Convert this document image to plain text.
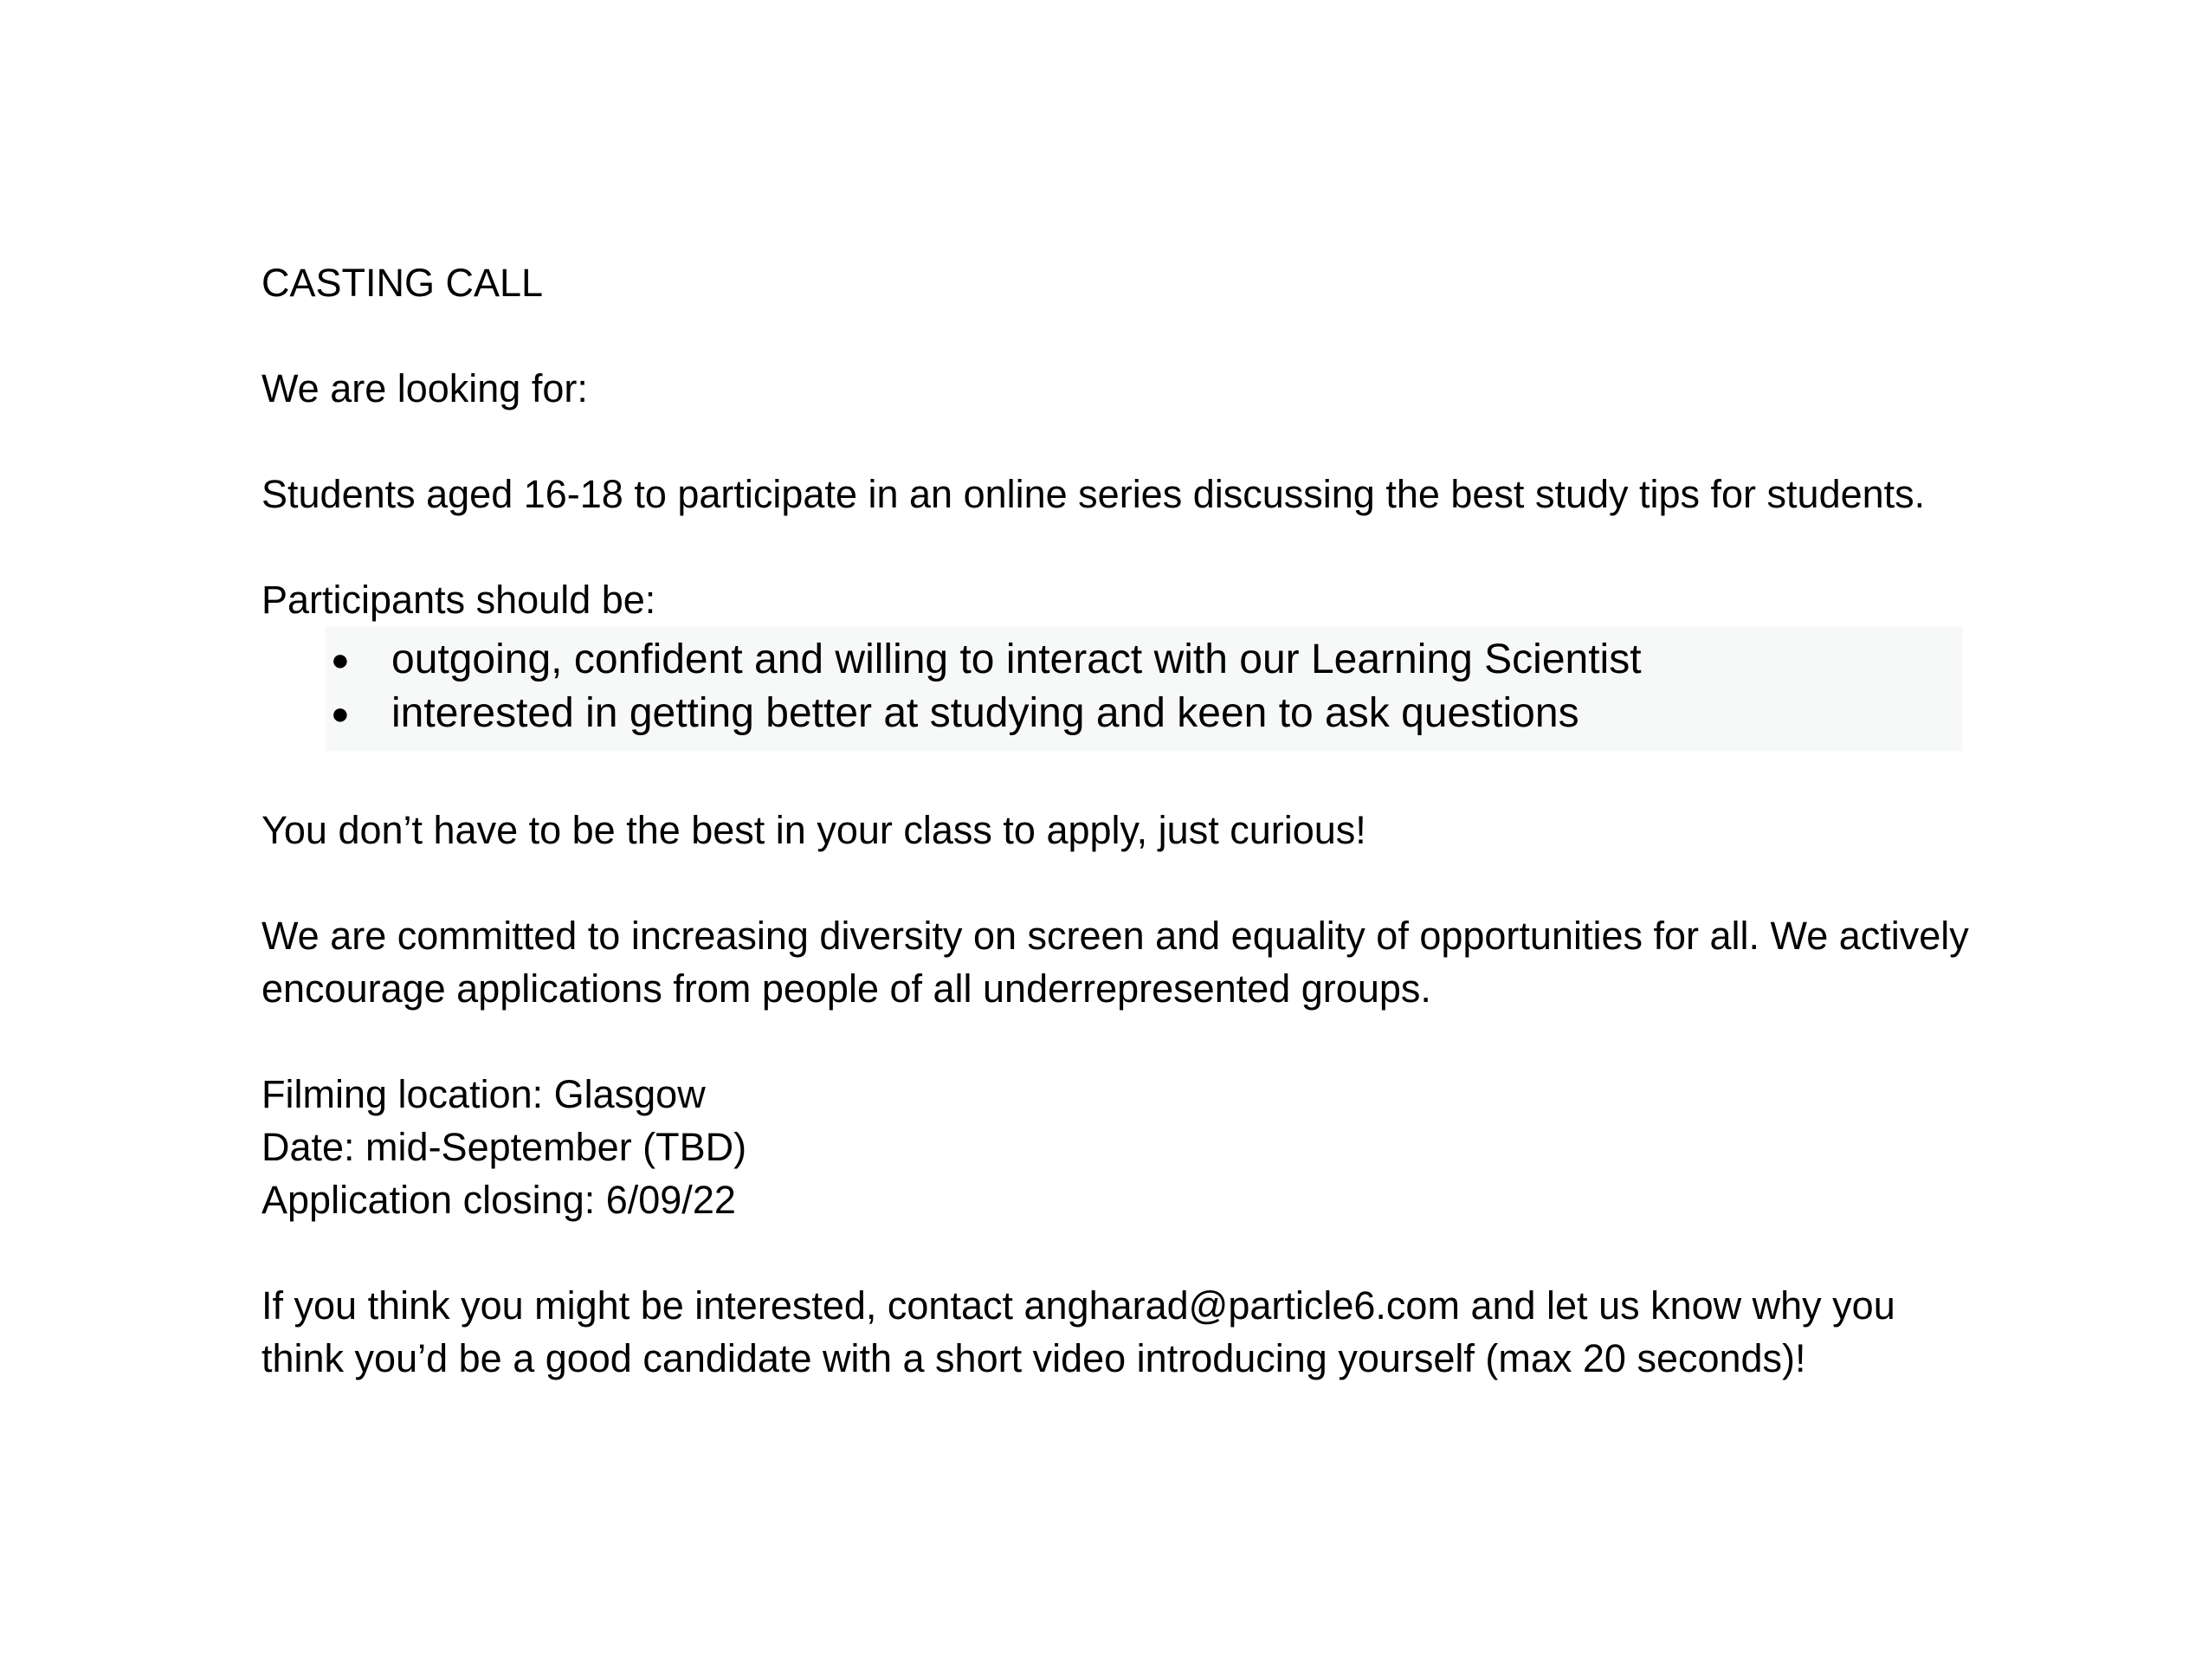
CASTING CALL

We are looking for:

Students aged 16-18 to participate in an online series discussing the best study tips for students.

Participants should be:

● outgoing, confident and willing to interact with our Learning Scientist
● interested in getting better at studying and keen to ask questions

You don’t have to be the best in your class to apply, just curious!

We are committed to increasing diversity on screen and equality of opportunities for all. We actively encourage applications from people of all underrepresented groups.

Filming location: Glasgow

Date: mid-September (TBD)

Application closing: 6/09/22

If you think you might be interested, contact angharad@particle6.com and let us know why you think you’d be a good candidate with a short video introducing yourself (max 20 seconds)!
